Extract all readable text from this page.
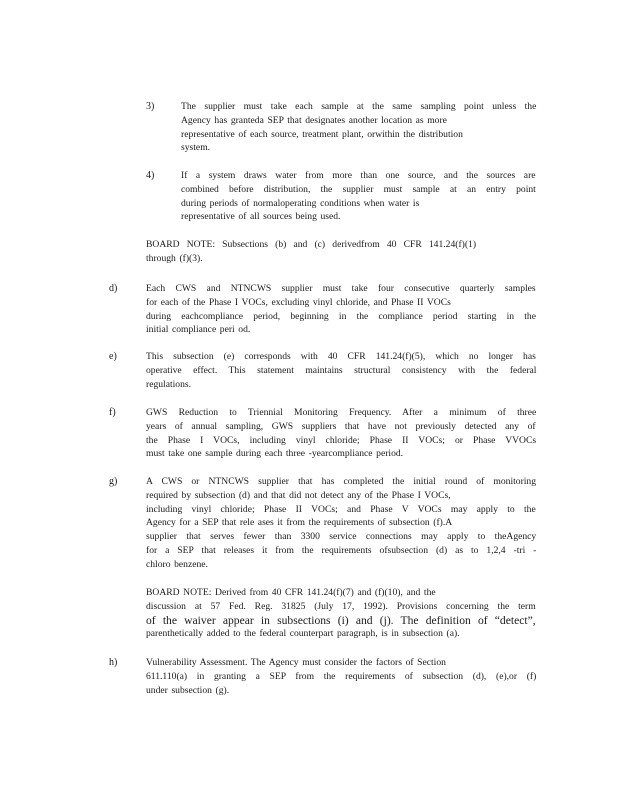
3)	The supplier must take each sample at the same sampling point unless the
Agency has granteda SEP that designates another location as more
representative of each source, treatment plant, orwithin the distribution
system.
4)	If a system draws water from more than one source, and the sources are
combined before distribution, the supplier must sample at an entry point
during periods of normaloperating conditions when water is
representative of all sources being used.
BOARD NOTE: Subsections (b) and (c) derivedfrom 40 CFR 141.24(f)(1)
through (f)(3).
d)	Each CWS and NTNCWS supplier must take four consecutive quarterly samples
for each of the Phase I VOCs, excluding vinyl chloride, and Phase II VOCs
during eachcompliance period, beginning in the compliance period starting in the
initial compliance peri od.
e)	This subsection (e) corresponds with 40 CFR 141.24(f)(5), which no longer has
operative effect. This statement maintains structural consistency with the federal
regulations.
f)	GWS Reduction to Triennial Monitoring Frequency. After a minimum of three
years of annual sampling, GWS suppliers that have not previously detected any of
the Phase I VOCs, including vinyl chloride; Phase II VOCs; or Phase VVOCs
must take one sample during each three -yearcompliance period.
g)	A CWS or NTNCWS supplier that has completed the initial round of monitoring
required by subsection (d) and that did not detect any of the Phase I VOCs,
including vinyl chloride; Phase II VOCs; and Phase V VOCs may apply to the
Agency for a SEP that rele ases it from the requirements of subsection (f).A
supplier that serves fewer than 3300 service connections may apply to theAgency
for a SEP that releases it from the requirements ofsubsection (d) as to 1,2,4 -tri -
chloro benzene.
BOARD NOTE: Derived from 40 CFR 141.24(f)(7) and (f)(10), and the
discussion at 57 Fed. Reg. 31825 (July 17, 1992). Provisions concerning the term
of the waiver appear in subsections (i) and (j). The definition of “detect”,
parenthetically added to the federal counterpart paragraph, is in subsection (a).
h)	Vulnerability Assessment. The Agency must consider the factors of Section
611.110(a) in granting a SEP from the requirements of subsection (d), (e),or (f)
under subsection (g).
